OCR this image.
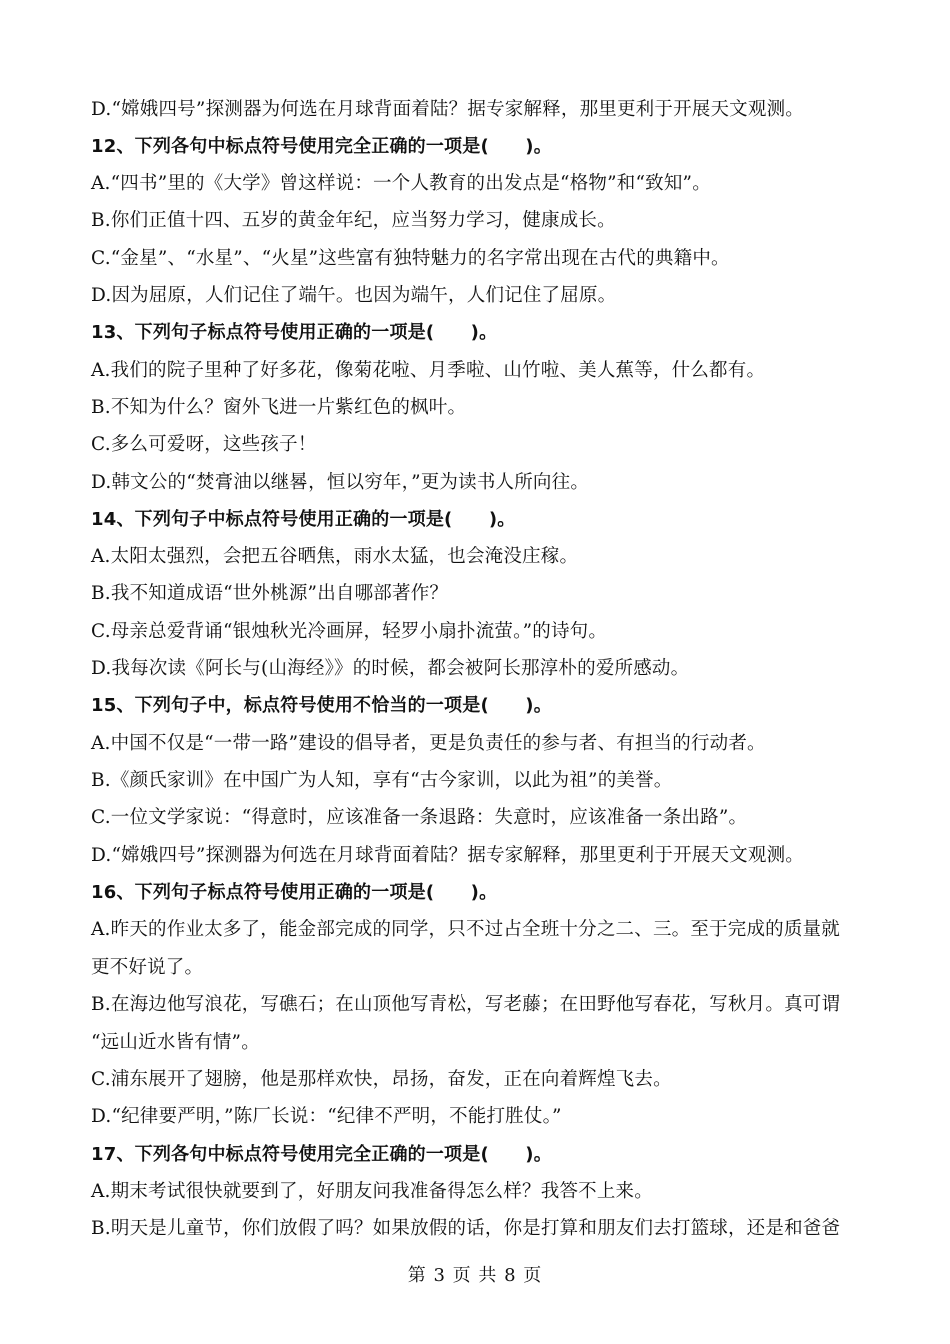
D.“嫦娥四号”探测器为何选在月球背面着陆？据专家解释，那里更利于开展天文观测。
12、下列各句中标点符号使用完全正确的一项是(　　)。
A.“四书”里的《大学》曾这样说：一个人教育的出发点是“格物”和“致知”。
B.你们正值十四、五岁的黄金年纪，应当努力学习，健康成长。
C.“金星”、“水星”、“火星”这些富有独特魅力的名字常出现在古代的典籍中。
D.因为屈原，人们记住了端午。也因为端午，人们记住了屈原。
13、下列句子标点符号使用正确的一项是(　　)。
A.我们的院子里种了好多花，像菊花啦、月季啦、山竹啦、美人蕉等，什么都有。
B.不知为什么？窗外飞进一片紫红色的枫叶。
C.多么可爱呀，这些孩子！
D.韩文公的“焚膏油以继晷，恒以穷年，”更为读书人所向往。
14、下列句子中标点符号使用正确的一项是(　　)。
A.太阳太强烈，会把五谷晒焦，雨水太猛，也会淹没庄稼。
B.我不知道成语“世外桃源”出自哪部著作？
C.母亲总爱背诵“银烛秋光冷画屏，轻罗小扇扑流萤。”的诗句。
D.我每次读《阿长与(山海经》》的时候，都会被阿长那淳朴的爱所感动。
15、下列句子中，标点符号使用不恰当的一项是(　　)。
A.中国不仅是“一带一路”建设的倡导者，更是负责任的参与者、有担当的行动者。
B.《颜氏家训》在中国广为人知，享有“古今家训，以此为祖”的美誉。
C.一位文学家说：“得意时，应该准备一条退路：失意时，应该准备一条出路”。
D.“嫦娥四号”探测器为何选在月球背面着陆？据专家解释，那里更利于开展天文观测。
16、下列句子标点符号使用正确的一项是(　　)。
A.昨天的作业太多了，能金部完成的同学，只不过占全班十分之二、三。至于完成的质量就
更不好说了。
B.在海边他写浪花，写礁石；在山顶他写青松，写老藤；在田野他写春花，写秋月。真可谓
“远山近水皆有情”。
C.浦东展开了翅膀，他是那样欢快，昂扬，奋发，正在向着辉煌飞去。
D.“纪律要严明，”陈厂长说：“纪律不严明，不能打胜仗。”
17、下列各句中标点符号使用完全正确的一项是(　　)。
A.期末考试很快就要到了，好朋友问我准备得怎么样？我答不上来。
B.明天是儿童节，你们放假了吗？如果放假的话，你是打算和朋友们去打篮球，还是和爸爸
第 3 页 共 8 页
